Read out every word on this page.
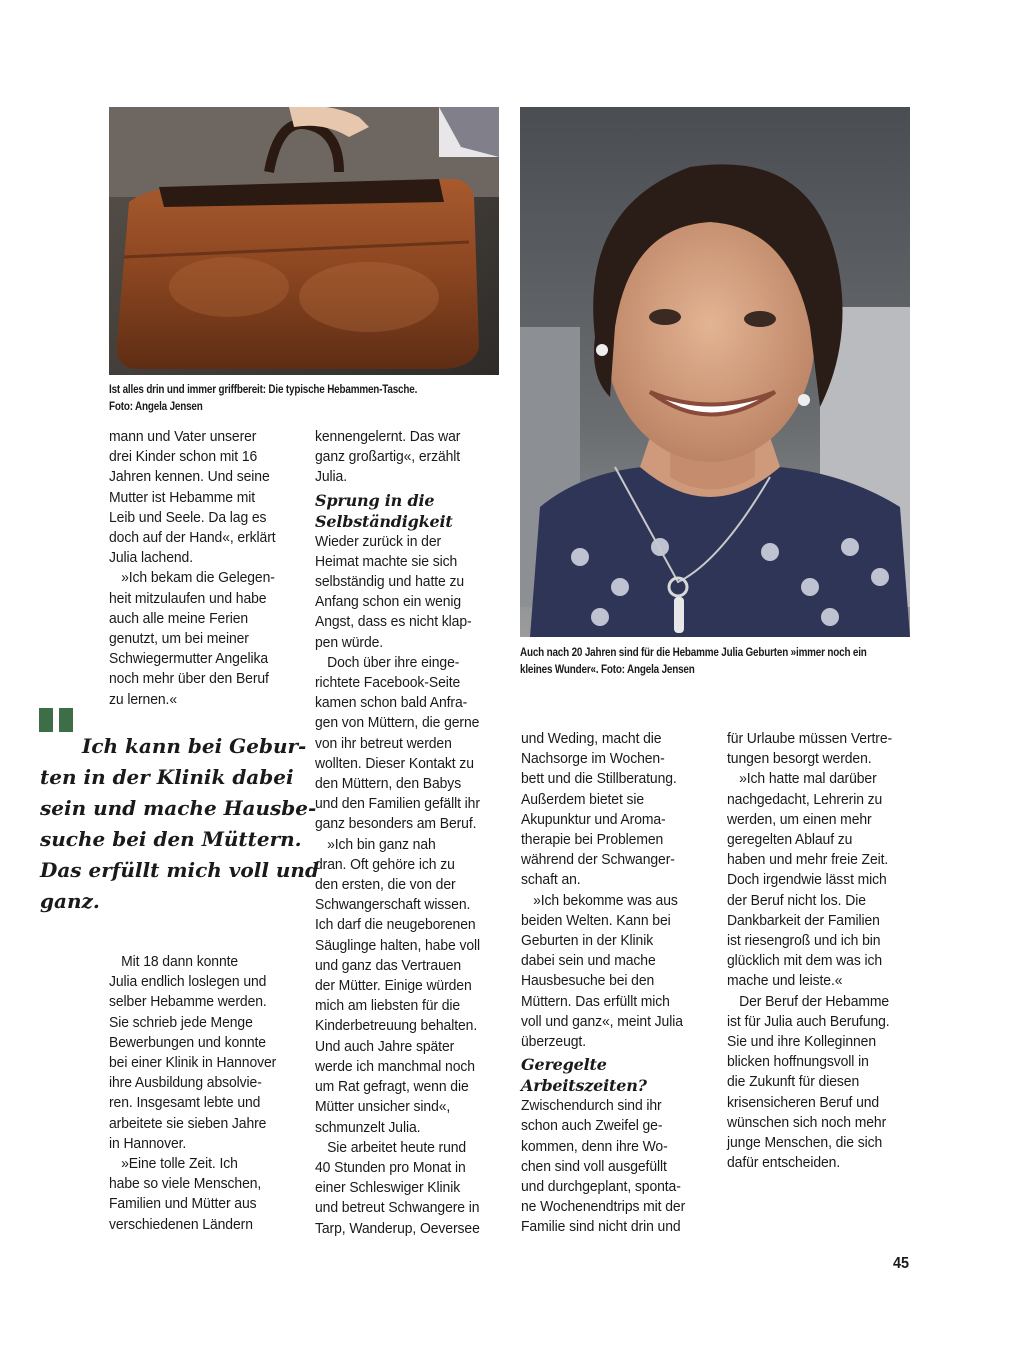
Ist alles drin und immer griffbereit: Die typische Hebammen-Tasche.
Foto: Angela Jensen
Auch nach 20 Jahren sind für die Hebamme Julia Geburten »immer noch ein
kleines Wunder«. Foto: Angela Jensen
mann und Vater unserer
drei Kinder schon mit 16
Jahren kennen. Und seine
Mutter ist Hebamme mit
Leib und Seele. Da lag es
doch auf der Hand«, erklärt
Julia lachend.
»Ich bekam die Gelegen-
heit mitzulaufen und habe
auch alle meine Ferien
genutzt, um bei meiner
Schwiegermutter Angelika
noch mehr über den Beruf
zu lernen.«
Ich kann bei Gebur-
ten in der Klinik dabei
sein und mache Hausbe-
suche bei den Müttern.
Das erfüllt mich voll und
ganz.
Mit 18 dann konnte
Julia endlich loslegen und
selber Hebamme werden.
Sie schrieb jede Menge
Bewerbungen und konnte
bei einer Klinik in Hannover
ihre Ausbildung absolvie-
ren. Insgesamt lebte und
arbeitete sie sieben Jahre
in Hannover.
»Eine tolle Zeit. Ich
habe so viele Menschen,
Familien und Mütter aus
verschiedenen Ländern
kennengelernt. Das war
ganz großartig«, erzählt
Julia.
Sprung in die
Selbständigkeit
Wieder zurück in der
Heimat machte sie sich
selbständig und hatte zu
Anfang schon ein wenig
Angst, dass es nicht klap-
pen würde.
Doch über ihre einge-
richtete Facebook-Seite
kamen schon bald Anfra-
gen von Müttern, die gerne
von ihr betreut werden
wollten. Dieser Kontakt zu
den Müttern, den Babys
und den Familien gefällt ihr
ganz besonders am Beruf.
»Ich bin ganz nah
dran. Oft gehöre ich zu
den ersten, die von der
Schwangerschaft wissen.
Ich darf die neugeborenen
Säuglinge halten, habe voll
und ganz das Vertrauen
der Mütter. Einige würden
mich am liebsten für die
Kinderbetreuung behalten.
Und auch Jahre später
werde ich manchmal noch
um Rat gefragt, wenn die
Mütter unsicher sind«,
schmunzelt Julia.
Sie arbeitet heute rund
40 Stunden pro Monat in
einer Schleswiger Klinik
und betreut Schwangere in
Tarp, Wanderup, Oeversee
und Weding, macht die
Nachsorge im Wochen-
bett und die Stillberatung.
Außerdem bietet sie
Akupunktur und Aroma-
therapie bei Problemen
während der Schwanger-
schaft an.
»Ich bekomme was aus
beiden Welten. Kann bei
Geburten in der Klinik
dabei sein und mache
Hausbesuche bei den
Müttern. Das erfüllt mich
voll und ganz«, meint Julia
überzeugt.
Geregelte
Arbeitszeiten?
Zwischendurch sind ihr
schon auch Zweifel ge-
kommen, denn ihre Wo-
chen sind voll ausgefüllt
und durchgeplant, sponta-
ne Wochenendtrips mit der
Familie sind nicht drin und
für Urlaube müssen Vertre-
tungen besorgt werden.
»Ich hatte mal darüber
nachgedacht, Lehrerin zu
werden, um einen mehr
geregelten Ablauf zu
haben und mehr freie Zeit.
Doch irgendwie lässt mich
der Beruf nicht los. Die
Dankbarkeit der Familien
ist riesengroß und ich bin
glücklich mit dem was ich
mache und leiste.«
Der Beruf der Hebamme
ist für Julia auch Berufung.
Sie und ihre Kolleginnen
blicken hoffnungsvoll in
die Zukunft für diesen
krisensicheren Beruf und
wünschen sich noch mehr
junge Menschen, die sich
dafür entscheiden.
45
